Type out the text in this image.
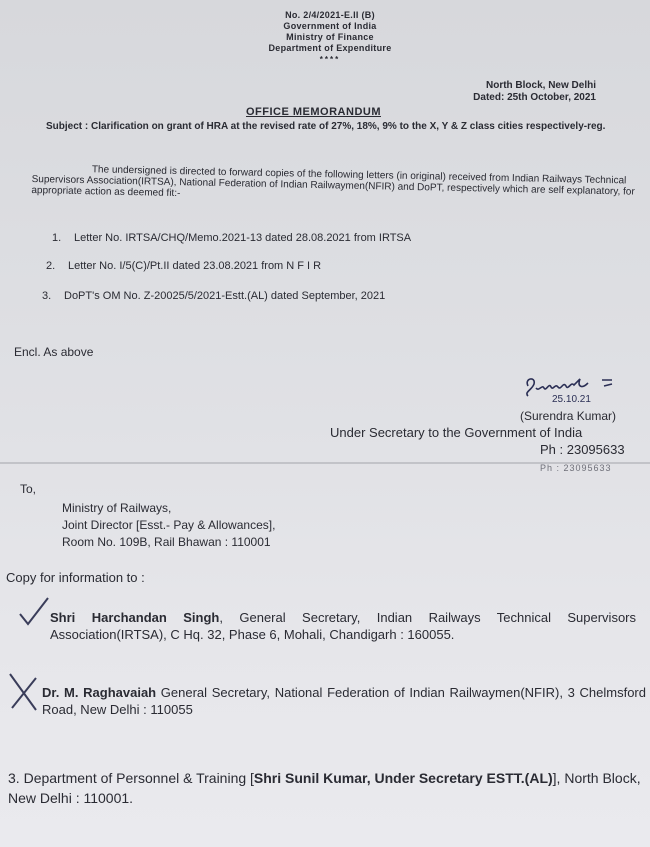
No. 2/4/2021-E.II (B)
Government of India
Ministry of Finance
Department of Expenditure
****
North Block, New Delhi
Dated: 25th October, 2021
OFFICE MEMORANDUM
Subject : Clarification on grant of HRA at the revised rate of 27%, 18%, 9% to the X, Y & Z class cities respectively-reg.
The undersigned is directed to forward copies of the following letters (in original) received from Indian Railways Technical Supervisors Association(IRTSA), National Federation of Indian Railwaymen(NFIR) and DoPT, respectively which are self explanatory, for appropriate action as deemed fit:-
1. Letter No. IRTSA/CHQ/Memo.2021-13 dated 28.08.2021 from IRTSA
2. Letter No. I/5(C)/Pt.II dated 23.08.2021 from N F I R
3. DoPT's OM No. Z-20025/5/2021-Estt.(AL) dated September, 2021
Encl. As above
25.10.21
(Surendra Kumar)
Under Secretary to the Government of India
Ph : 23095633
Ph : 23095633
To,
Ministry of Railways,
Joint Director [Esst.- Pay & Allowances],
Room No. 109B, Rail Bhawan : 110001
Copy for information to :
Shri Harchandan Singh, General Secretary, Indian Railways Technical Supervisors Association(IRTSA), C Hq. 32, Phase 6, Mohali, Chandigarh : 160055.
Dr. M. Raghavaiah General Secretary, National Federation of Indian Railwaymen(NFIR), 3 Chelmsford Road, New Delhi : 110055
3. Department of Personnel & Training [Shri Sunil Kumar, Under Secretary ESTT.(AL)], North Block, New Delhi : 110001.
